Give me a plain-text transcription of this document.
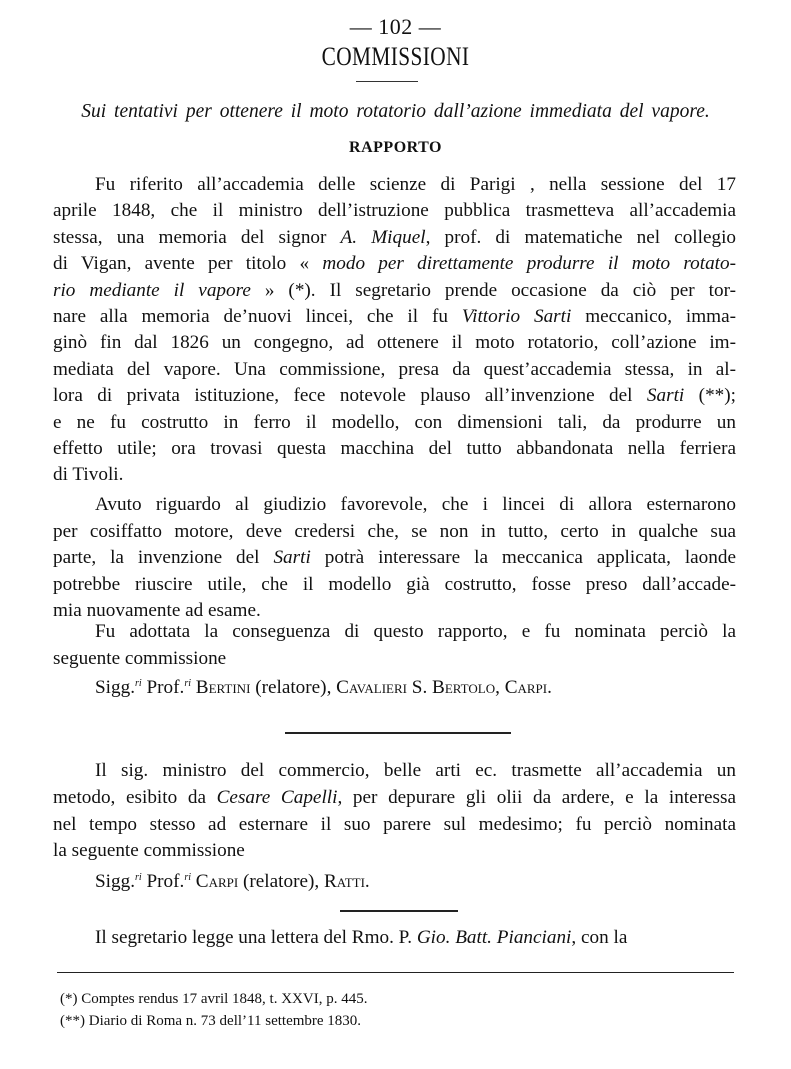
— 102 —
COMMISSIONI
Sui tentativi per ottenere il moto rotatorio dall’azione immediata del vapore.
RAPPORTO
Fu riferito all’accademia delle scienze di Parigi , nella sessione del 17
aprile 1848, che il ministro dell’istruzione pubblica trasmetteva all’accademia
stessa, una memoria del signor A. Miquel, prof. di matematiche nel collegio
di Vigan, avente per titolo « modo per direttamente produrre il moto rotato-
rio mediante il vapore » (*). Il segretario prende occasione da ciò per tor-
nare alla memoria de’nuovi lincei, che il fu Vittorio Sarti meccanico, imma-
ginò fin dal 1826 un congegno, ad ottenere il moto rotatorio, coll’azione im-
mediata del vapore. Una commissione, presa da quest’accademia stessa, in al-
lora di privata istituzione, fece notevole plauso all’invenzione del Sarti (**);
e ne fu costrutto in ferro il modello, con dimensioni tali, da produrre un
effetto utile; ora trovasi questa macchina del tutto abbandonata nella ferriera
di Tivoli.
Avuto riguardo al giudizio favorevole, che i lincei di allora esternarono
per cosiffatto motore, deve credersi che, se non in tutto, certo in qualche sua
parte, la invenzione del Sarti potrà interessare la meccanica applicata, laonde
potrebbe riuscire utile, che il modello già costrutto, fosse preso dall’accade-
mia nuovamente ad esame.
Fu adottata la conseguenza di questo rapporto, e fu nominata perciò la
seguente commissione
Il sig. ministro del commercio, belle arti ec. trasmette all’accademia un
metodo, esibito da Cesare Capelli, per depurare gli olii da ardere, e la interessa
nel tempo stesso ad esternare il suo parere sul medesimo; fu perciò nominata
la seguente commissione
Il segretario legge una lettera del Rmo. P. Gio. Batt. Pianciani, con la
Sigg.$^{ri}$ Prof.$^{ri}$ Bertini (relatore), Cavalieri S. Bertolo, Carpi.
Sigg.$^{ri}$ Prof.$^{ri}$ Carpi (relatore), Ratti.
(*) Comptes rendus 17 avril 1848, t. XXVI, p. 445.
(**) Diario di Roma n. 73 dell’11 settembre 1830.
